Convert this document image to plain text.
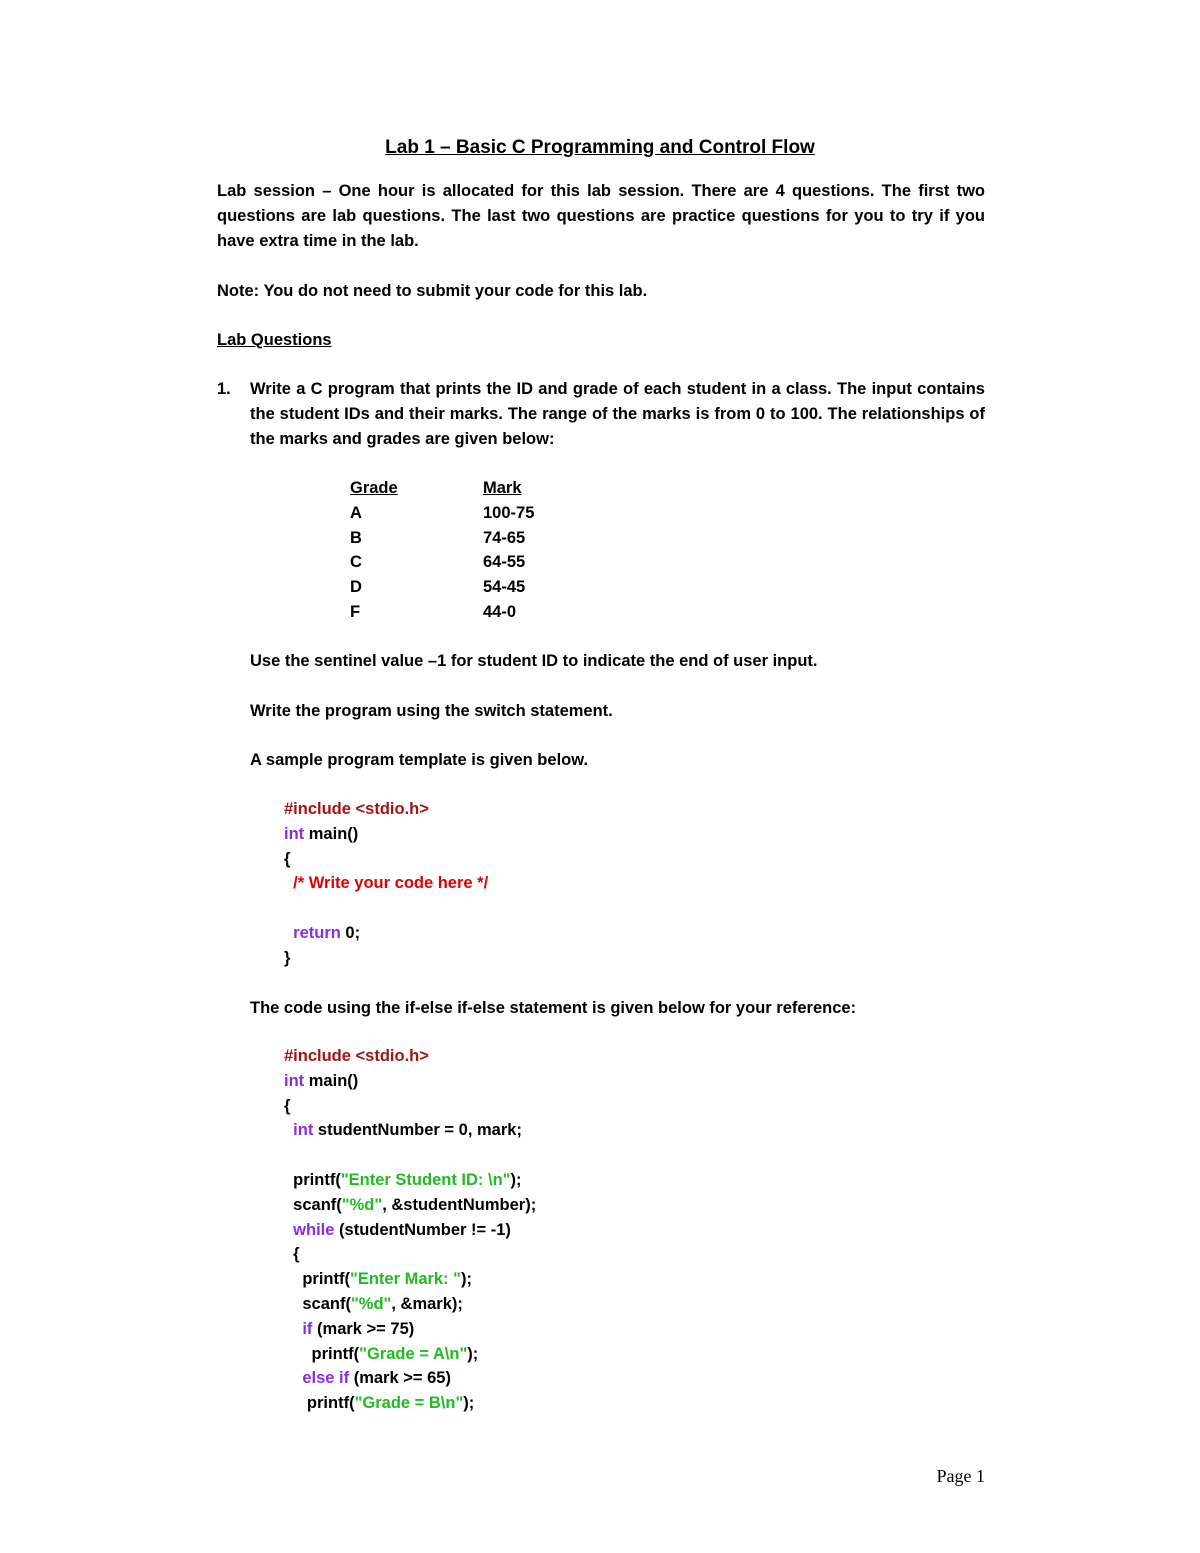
Lab 1 – Basic C Programming and Control Flow
Lab session – One hour is allocated for this lab session. There are 4 questions. The first two questions are lab questions. The last two questions are practice questions for you to try if you have extra time in the lab.
Note: You do not need to submit your code for this lab.
Lab Questions
1. Write a C program that prints the ID and grade of each student in a class. The input contains the student IDs and their marks. The range of the marks is from 0 to 100. The relationships of the marks and grades are given below:
Grade	Mark
A	100-75
B	74-65
C	64-55
D	54-45
F	44-0
Use the sentinel value –1 for student ID to indicate the end of user input.
Write the program using the switch statement.
A sample program template is given below.
#include <stdio.h>
int main()
{
/* Write your code here */

return 0;
}
The code using the if-else if-else statement is given below for your reference:
#include <stdio.h>
int main()
{
int studentNumber = 0, mark;

printf("Enter Student ID: \n");
scanf("%d", &studentNumber);
while (studentNumber != -1)
{
printf("Enter Mark: ");
scanf("%d", &mark);
if (mark >= 75)
printf("Grade = A\n");
else if (mark >= 65)
printf("Grade = B\n");
Page 1
